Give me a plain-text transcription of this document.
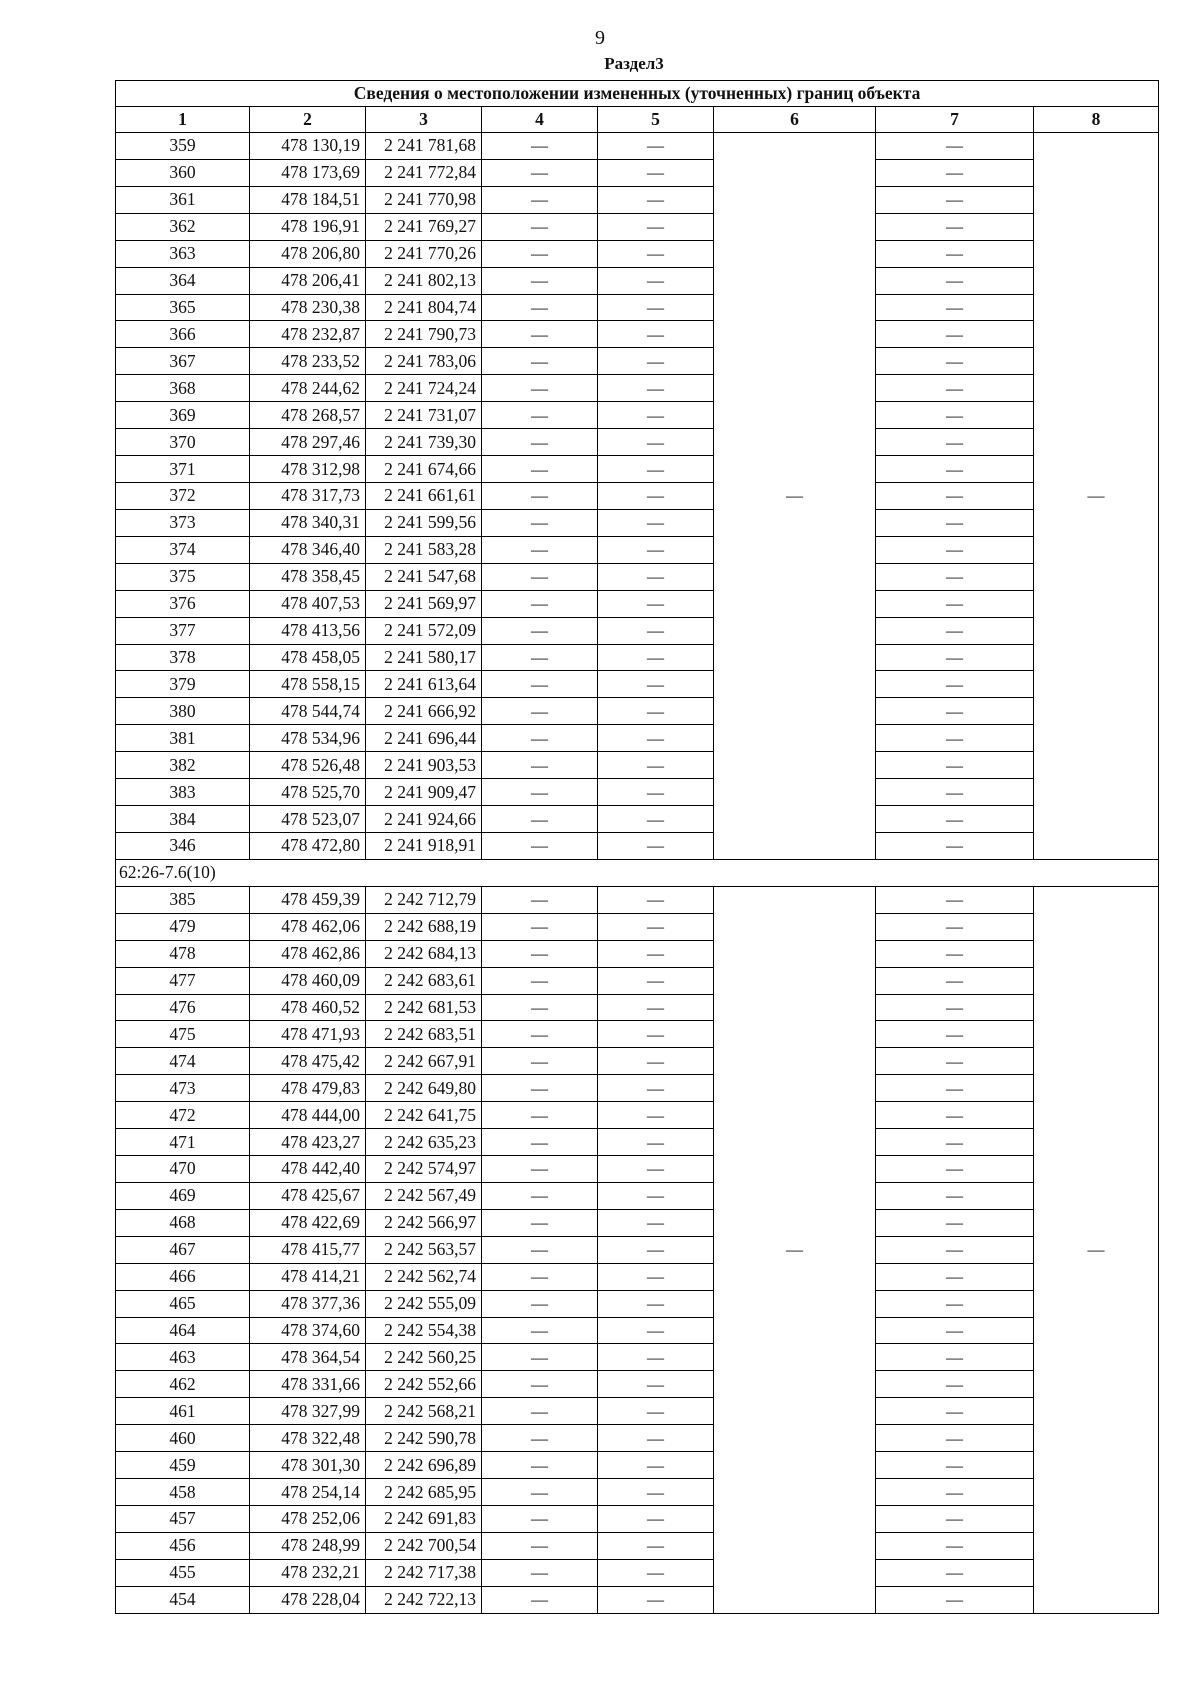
9
Раздел3
Сведения о местоположении измененных (уточненных) границ объекта							
1	2	3	4	5	6	7	8
359	478 130,19	2 241 781,68	—	—	—	—	—
360	478 173,69	2 241 772,84	—	—		—	
361	478 184,51	2 241 770,98	—	—		—	
362	478 196,91	2 241 769,27	—	—		—	
363	478 206,80	2 241 770,26	—	—		—	
364	478 206,41	2 241 802,13	—	—		—	
365	478 230,38	2 241 804,74	—	—		—	
366	478 232,87	2 241 790,73	—	—		—	
367	478 233,52	2 241 783,06	—	—		—	
368	478 244,62	2 241 724,24	—	—		—	
369	478 268,57	2 241 731,07	—	—		—	
370	478 297,46	2 241 739,30	—	—		—	
371	478 312,98	2 241 674,66	—	—		—	
372	478 317,73	2 241 661,61	—	—		—	
373	478 340,31	2 241 599,56	—	—		—	
374	478 346,40	2 241 583,28	—	—		—	
375	478 358,45	2 241 547,68	—	—		—	
376	478 407,53	2 241 569,97	—	—		—	
377	478 413,56	2 241 572,09	—	—		—	
378	478 458,05	2 241 580,17	—	—		—	
379	478 558,15	2 241 613,64	—	—		—	
380	478 544,74	2 241 666,92	—	—		—	
381	478 534,96	2 241 696,44	—	—		—	
382	478 526,48	2 241 903,53	—	—		—	
383	478 525,70	2 241 909,47	—	—		—	
384	478 523,07	2 241 924,66	—	—		—	
346	478 472,80	2 241 918,91	—	—		—	
62:26-7.6(10)							
385	478 459,39	2 242 712,79	—	—	—	—	—
479	478 462,06	2 242 688,19	—	—		—	
478	478 462,86	2 242 684,13	—	—		—	
477	478 460,09	2 242 683,61	—	—		—	
476	478 460,52	2 242 681,53	—	—		—	
475	478 471,93	2 242 683,51	—	—		—	
474	478 475,42	2 242 667,91	—	—		—	
473	478 479,83	2 242 649,80	—	—		—	
472	478 444,00	2 242 641,75	—	—		—	
471	478 423,27	2 242 635,23	—	—		—	
470	478 442,40	2 242 574,97	—	—		—	
469	478 425,67	2 242 567,49	—	—		—	
468	478 422,69	2 242 566,97	—	—		—	
467	478 415,77	2 242 563,57	—	—		—	
466	478 414,21	2 242 562,74	—	—		—	
465	478 377,36	2 242 555,09	—	—		—	
464	478 374,60	2 242 554,38	—	—		—	
463	478 364,54	2 242 560,25	—	—		—	
462	478 331,66	2 242 552,66	—	—		—	
461	478 327,99	2 242 568,21	—	—		—	
460	478 322,48	2 242 590,78	—	—		—	
459	478 301,30	2 242 696,89	—	—		—	
458	478 254,14	2 242 685,95	—	—		—	
457	478 252,06	2 242 691,83	—	—		—	
456	478 248,99	2 242 700,54	—	—		—	
455	478 232,21	2 242 717,38	—	—		—	
454	478 228,04	2 242 722,13	—	—		—	
